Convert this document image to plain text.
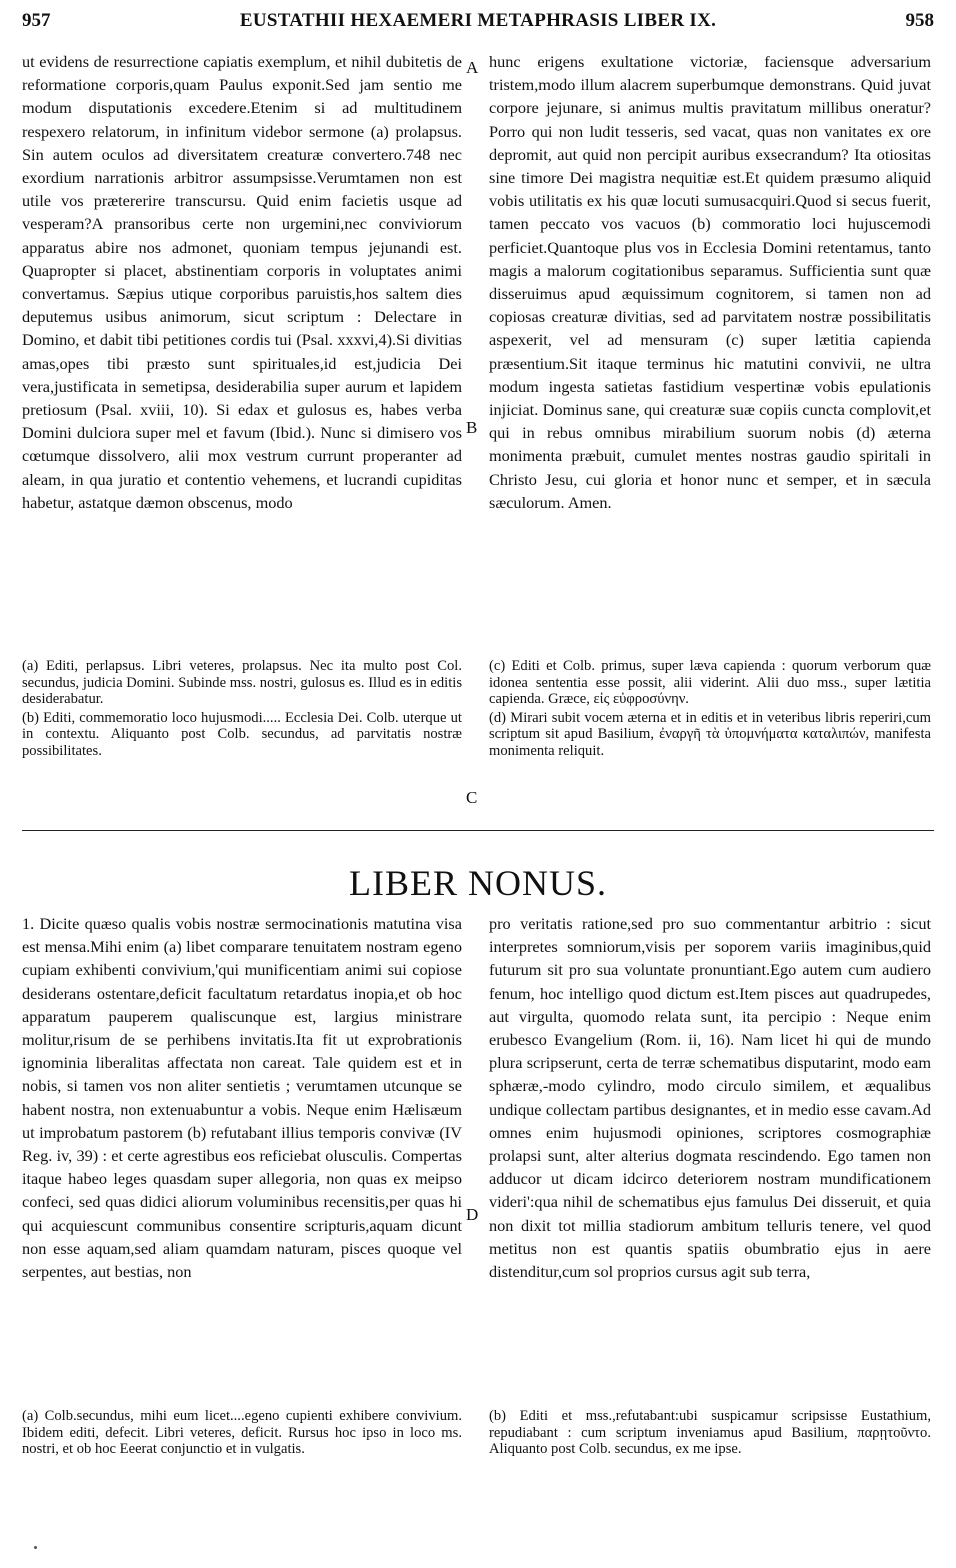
957	EUSTATHII HEXAEMERI METAPHRASIS LIBER IX.	958

ut evidens de resurrectione capiatis exemplum, et nihil dubitetis de reformatione corporis,quam Paulus exponit.Sed jam sentio me modum disputationis excedere.Etenim si ad multitudinem respexero relatorum, in infinitum videbor sermone (a) prolapsus. Sin autem oculos ad diversitatem creaturæ convertero.748 nec exordium narrationis arbitror assumpsisse.Verumtamen non est utile vos prætererire transcursu. Quid enim facietis usque ad vesperam?A pransoribus certe non urgemini,nec conviviorum apparatus abire nos admonet, quoniam tempus jejunandi est. Quapropter si placet, abstinentiam corporis in voluptates animi convertamus. Sæpius utique corporibus paruistis,hos saltem dies deputemus usibus animorum, sicut scriptum : Delectare in Domino, et dabit tibi petitiones cordis tui (Psal. xxxvi,4).Si divitias amas,opes tibi præsto sunt spirituales,id est,judicia Dei vera,justificata in semetipsa, desiderabilia super aurum et lapidem pretiosum (Psal. xviii, 10). Si edax et gulosus es, habes verba Domini dulciora super mel et favum (Ibid.). Nunc si dimisero vos cœtumque dissolvero, alii mox vestrum currunt properanter ad aleam, in qua juratio et contentio vehemens, et lucrandi cupiditas habetur, astatque dæmon obscenus, modo

hunc erigens exultatione victoriæ, faciensque adversarium tristem,modo illum alacrem superbumque demonstrans. Quid juvat corpore jejunare, si animus multis pravitatum millibus oneratur?Porro qui non ludit tesseris, sed vacat, quas non vanitates ex ore depromit, aut quid non percipit auribus exsecrandum? Ita otiositas sine timore Dei magistra nequitiæ est.Et quidem præsumo aliquid vobis utilitatis ex his quæ locuti sumusacquiri.Quod si secus fuerit, tamen peccato vos vacuos (b) commoratio loci hujuscemodi perficiet.Quantoque plus vos in Ecclesia Domini retentamus, tanto magis a malorum cogitationibus separamus. Sufficientia sunt quæ disseruimus apud æquissimum cognitorem, si tamen non ad copiosas creaturæ divitias, sed ad parvitatem nostræ possibilitatis aspexerit, vel ad mensuram (c) super lætitia capienda præsentium.Sit itaque terminus hic matutini convivii, ne ultra modum ingesta satietas fastidium vespertinæ vobis epulationis injiciat. Dominus sane, qui creaturæ suæ copiis cuncta complovit,et qui in rebus omnibus mirabilium suorum nobis (d) æterna monimenta præbuit, cumulet mentes nostras gaudio spiritali in Christo Jesu, cui gloria et honor nunc et semper, et in sæcula sæculorum. Amen.

A
B
C
D

(a) Editi, perlapsus. Libri veteres, prolapsus. Nec ita multo post Col. secundus, judicia Domini. Subinde mss. nostri, gulosus es. Illud es in editis desiderabatur.

(b) Editi, commemoratio loco hujusmodi..... Ecclesia Dei. Colb. uterque ut in contextu. Aliquanto post Colb. secundus, ad parvitatis nostræ possibilitates.

(c) Editi et Colb. primus, super læva capienda : quorum verborum quæ idonea sententia esse possit, alii viderint. Alii duo mss., super lætitia capienda. Græce, εἰς εὐφροσύνην.

(d) Mirari subit vocem æterna et in editis et in veteribus libris reperiri,cum scriptum sit apud Basilium, ἐναργῆ τὰ ὑπομνήματα καταλιπών, manifesta monimenta reliquit.

LIBER NONUS.

1. Dicite quæso qualis vobis nostræ sermocinationis matutina visa est mensa.Mihi enim (a) libet comparare tenuitatem nostram egeno cupiam exhibenti convivium,'qui munificentiam animi sui copiose desiderans ostentare,deficit facultatum retardatus inopia,et ob hoc apparatum pauperem qualiscunque est, largius ministrare molitur,risum de se perhibens invitatis.Ita fit ut exprobrationis ignominia liberalitas affectata non careat. Tale quidem est et in nobis, si tamen vos non aliter sentietis ; verumtamen utcunque se habent nostra, non extenuabuntur a vobis. Neque enim Hælisæum ut improbatum pastorem (b) refutabant illius temporis convivæ (IV Reg. iv, 39) : et certe agrestibus eos reficiebat olusculis. Compertas itaque habeo leges quasdam super allegoria, non quas ex meipso confeci, sed quas didici aliorum voluminibus recensitis,per quas hi qui acquiescunt communibus consentire scripturis,aquam dicunt non esse aquam,sed aliam quamdam naturam, pisces quoque vel serpentes, aut bestias, non

pro veritatis ratione,sed pro suo commentantur arbitrio : sicut interpretes somniorum,visis per soporem variis imaginibus,quid futurum sit pro sua voluntate pronuntiant.Ego autem cum audiero fenum, hoc intelligo quod dictum est.Item pisces aut quadrupedes, aut virgulta, quomodo relata sunt, ita percipio : Neque enim erubesco Evangelium (Rom. ii, 16). Nam licet hi qui de mundo plura scripserunt, certa de terræ schematibus disputarint, modo eam sphæræ,-modo cylindro, modo circulo similem, et æqualibus undique collectam partibus designantes, et in medio esse cavam.Ad omnes enim hujusmodi opiniones, scriptores cosmographiæ prolapsi sunt, alter alterius dogmata rescindendo. Ego tamen non adducor ut dicam idcirco deteriorem nostram mundificationem videri':qua nihil de schematibus ejus famulus Dei disseruit, et quia non dixit tot millia stadiorum ambitum telluris tenere, vel quod metitus non est quantis spatiis obumbratio ejus in aere distenditur,cum sol proprios cursus agit sub terra,

(a) Colb.secundus, mihi eum licet....egeno cupienti exhibere convivium. Ibidem editi, defecit. Libri veteres, deficit. Rursus hoc ipso in loco ms. nostri, et ob hoc Eeerat conjunctio et in vulgatis.

(b) Editi et mss.,refutabant:ubi suspicamur scripsisse Eustathium, repudiabant : cum scriptum inveniamus apud Basilium, παρῃτοῦντο. Aliquanto post Colb. secundus, ex me ipse.
